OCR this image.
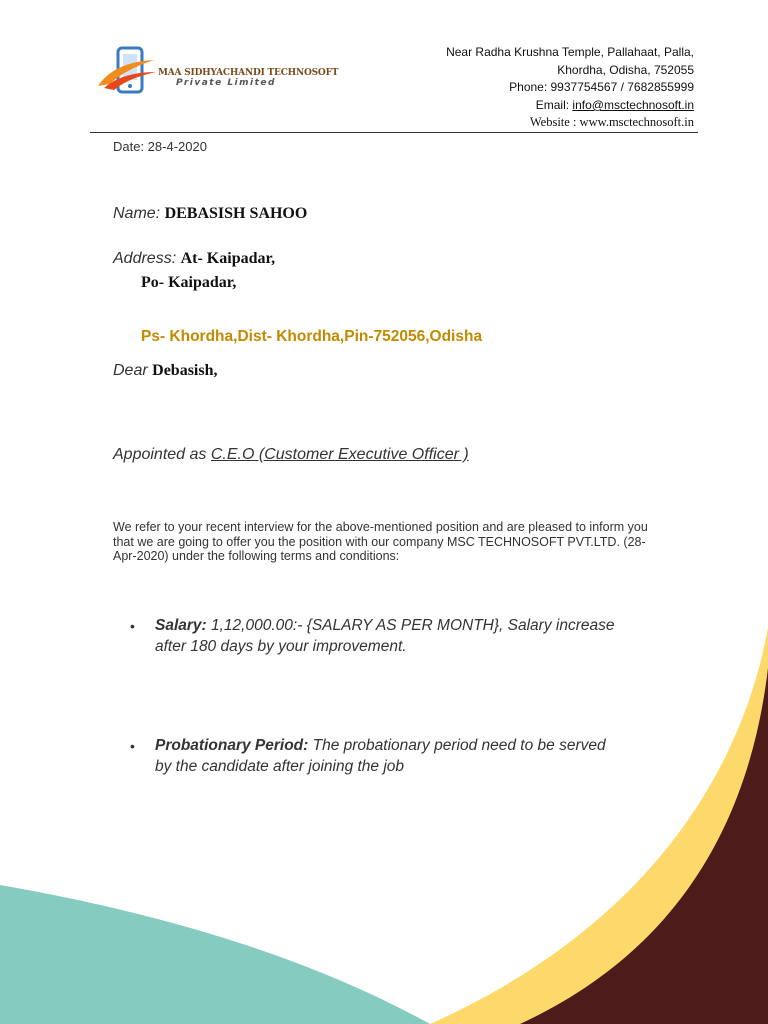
MAA SIDHYACHANDI TECHNOSOFT
Private Limited
Near Radha Krushna Temple, Pallahaat, Palla,
Khordha, Odisha, 752055
Phone: 9937754567 / 7682855999
Email: info@msctechnosoft.in
Website : www.msctechnosoft.in
Date: 28-4-2020
Name: DEBASISH SAHOO
Address: At- Kaipadar,
Po- Kaipadar,
Ps- Khordha,Dist- Khordha,Pin-752056,Odisha
Dear Debasish,
Appointed as C.E.O (Customer Executive Officer )
We refer to your recent interview for the above-mentioned position and are pleased to inform you that we are going to offer you the position with our company MSC TECHNOSOFT PVT.LTD. (28-Apr-2020) under the following terms and conditions:
• Salary: 1,12,000.00:- {SALARY AS PER MONTH}, Salary increase after 180 days by your improvement.
• Probationary Period: The probationary period need to be served by the candidate after joining the job
